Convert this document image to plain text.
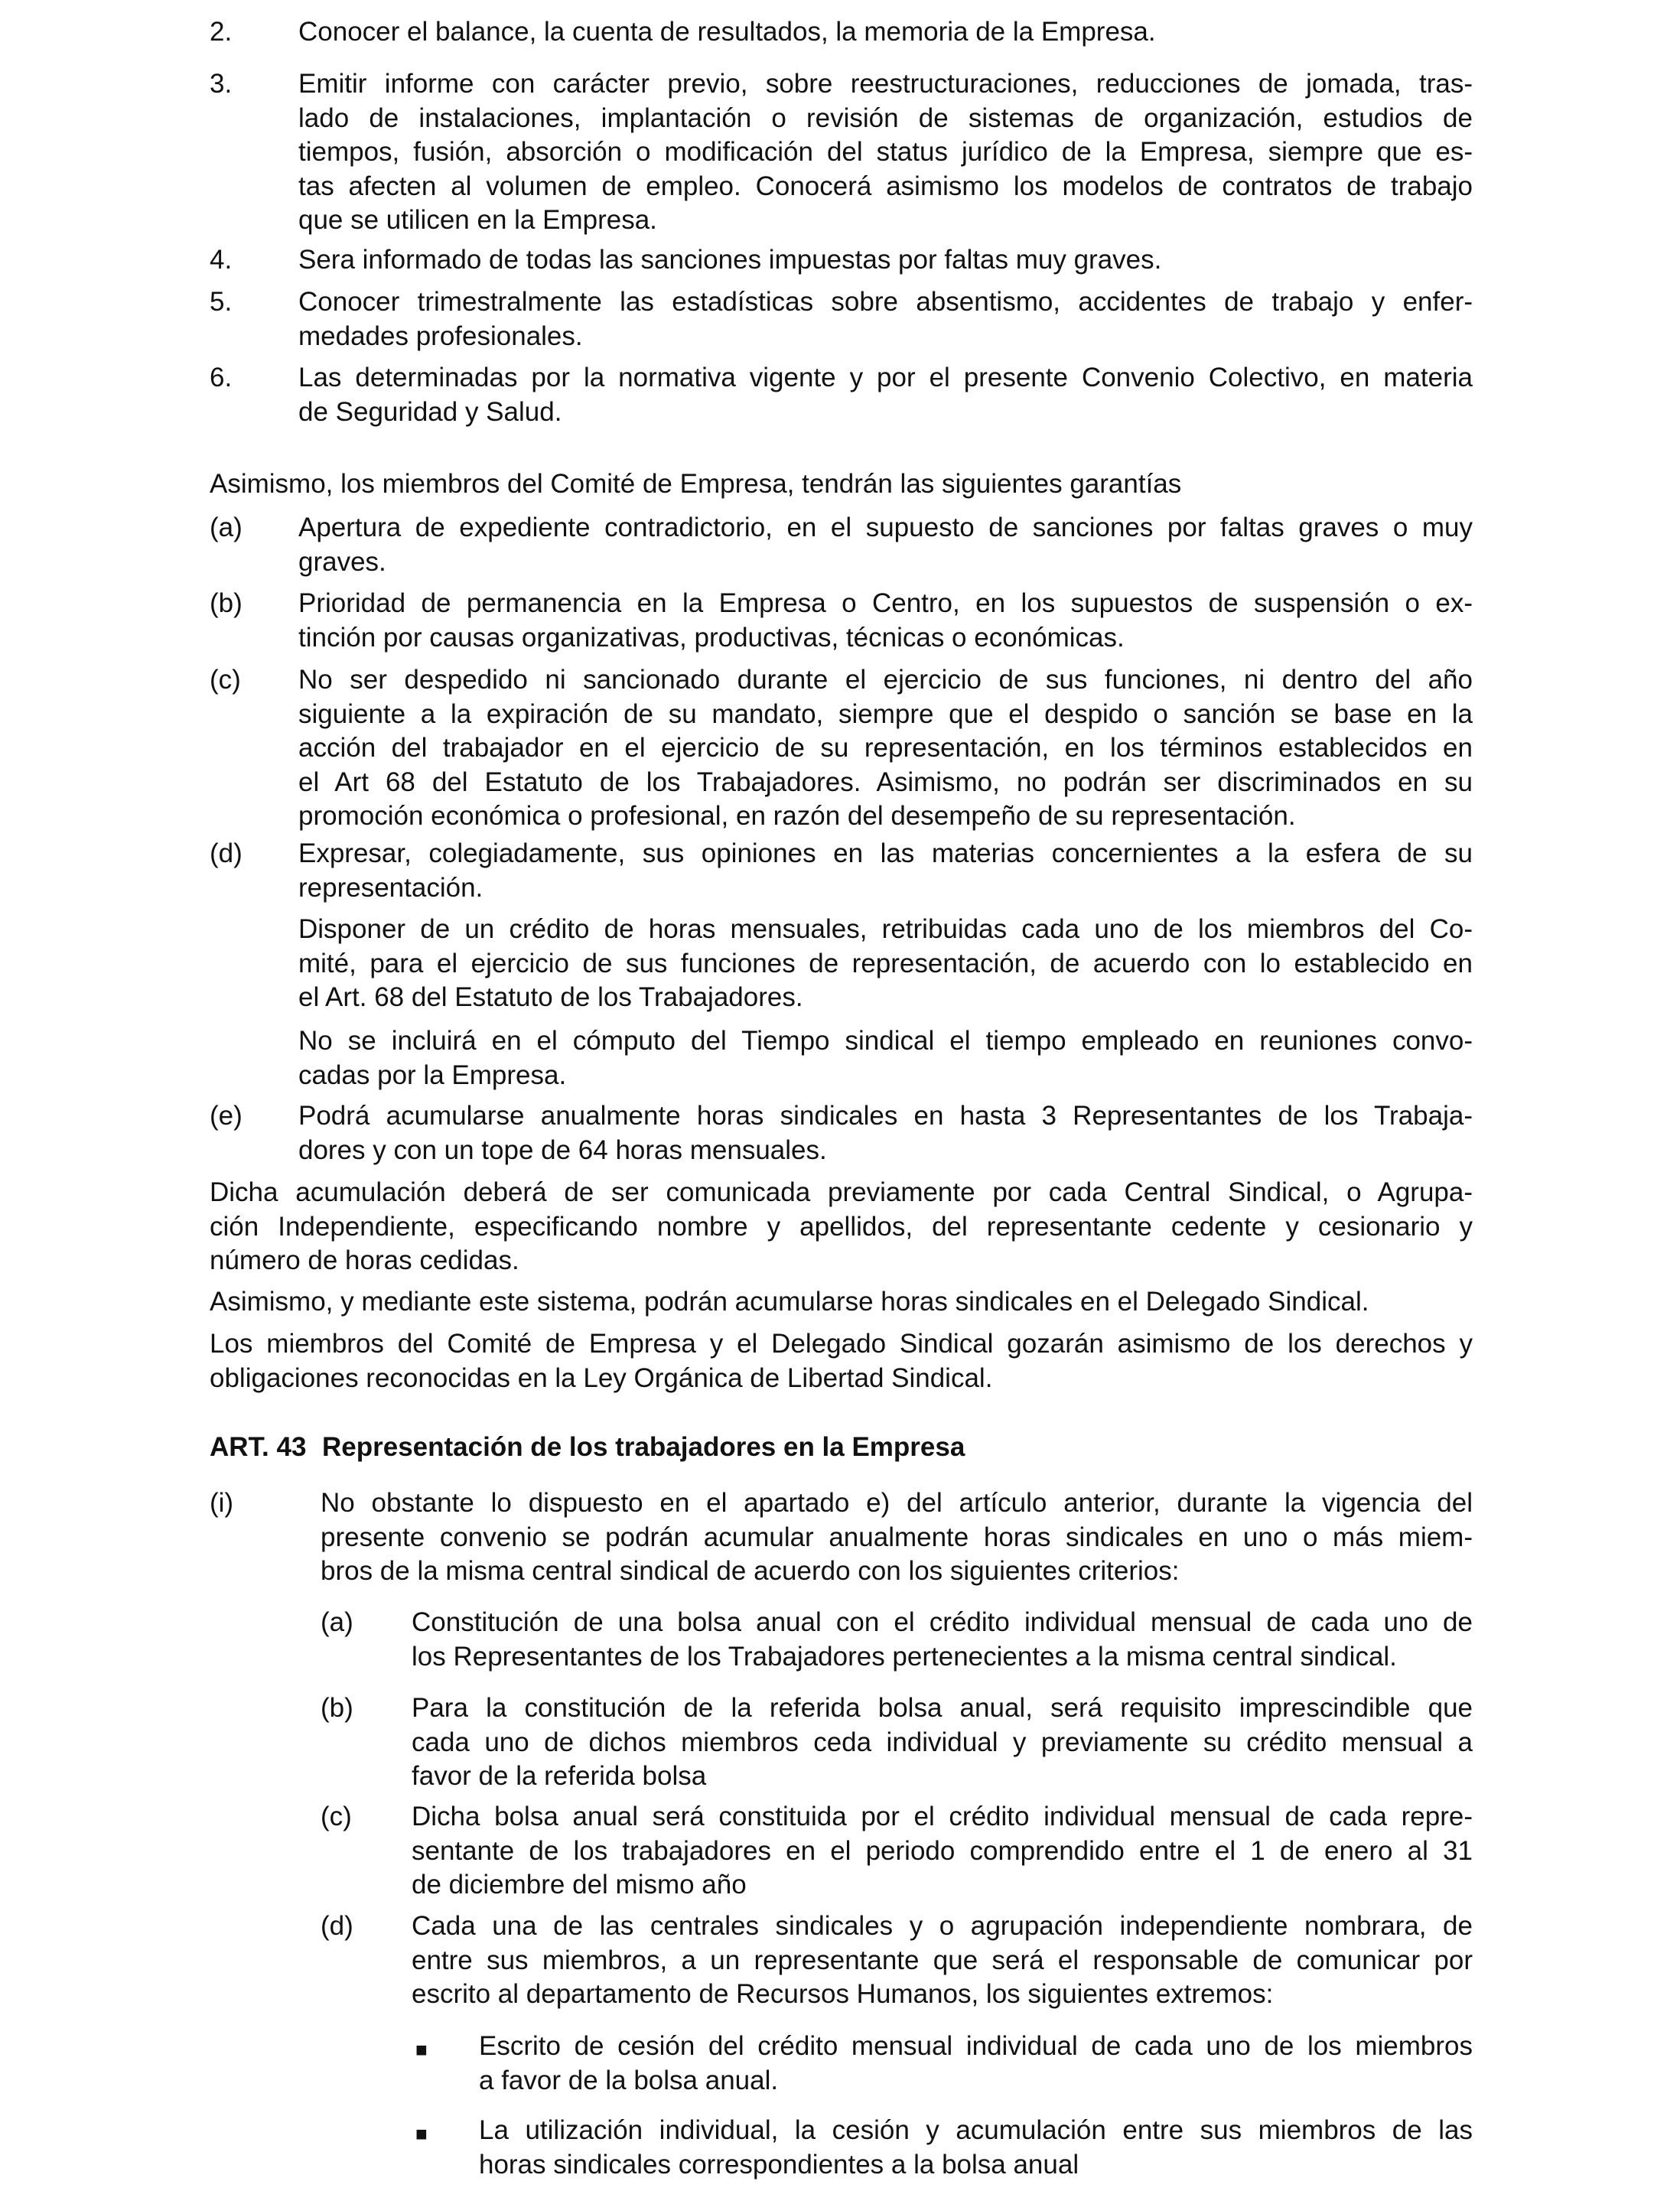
2. Conocer el balance, la cuenta de resultados, la memoria de la Empresa.
3. Emitir informe con carácter previo, sobre reestructuraciones, reducciones de jomada, tras-
lado de instalaciones, implantación o revisión de sistemas de organización, estudios de
tiempos, fusión, absorción o modificación del status jurídico de la Empresa, siempre que es-
tas afecten al volumen de empleo. Conocerá asimismo los modelos de contratos de trabajo
que se utilicen en la Empresa.
4. Sera informado de todas las sanciones impuestas por faltas muy graves.
5. Conocer trimestralmente las estadísticas sobre absentismo, accidentes de trabajo y enfer-
medades profesionales.
6. Las determinadas por la normativa vigente y por el presente Convenio Colectivo, en materia
de Seguridad y Salud.
Asimismo, los miembros del Comité de Empresa, tendrán las siguientes garantías
(a) Apertura de expediente contradictorio, en el supuesto de sanciones por faltas graves o muy
graves.
(b) Prioridad de permanencia en la Empresa o Centro, en los supuestos de suspensión o ex-
tinción por causas organizativas, productivas, técnicas o económicas.
(c) No ser despedido ni sancionado durante el ejercicio de sus funciones, ni dentro del año
siguiente a la expiración de su mandato, siempre que el despido o sanción se base en la
acción del trabajador en el ejercicio de su representación, en los términos establecidos en
el Art 68 del Estatuto de los Trabajadores. Asimismo, no podrán ser discriminados en su
promoción económica o profesional, en razón del desempeño de su representación.
(d) Expresar, colegiadamente, sus opiniones en las materias concernientes a la esfera de su
representación.
Disponer de un crédito de horas mensuales, retribuidas cada uno de los miembros del Co-
mité, para el ejercicio de sus funciones de representación, de acuerdo con lo establecido en
el Art. 68 del Estatuto de los Trabajadores.
No se incluirá en el cómputo del Tiempo sindical el tiempo empleado en reuniones convo-
cadas por la Empresa.
(e) Podrá acumularse anualmente horas sindicales en hasta 3 Representantes de los Trabaja-
dores y con un tope de 64 horas mensuales.
Dicha acumulación deberá de ser comunicada previamente por cada Central Sindical, o Agrupa-
ción Independiente, especificando nombre y apellidos, del representante cedente y cesionario y
número de horas cedidas.
Asimismo, y mediante este sistema, podrán acumularse horas sindicales en el Delegado Sindical.
Los miembros del Comité de Empresa y el Delegado Sindical gozarán asimismo de los derechos y
obligaciones reconocidas en la Ley Orgánica de Libertad Sindical.
ART. 43 Representación de los trabajadores en la Empresa
(i)	No obstante lo dispuesto en el apartado e) del artículo anterior, durante la vigencia del
presente convenio se podrán acumular anualmente horas sindicales en uno o más miem-
bros de la misma central sindical de acuerdo con los siguientes criterios:
(a) Constitución de una bolsa anual con el crédito individual mensual de cada uno de
los Representantes de los Trabajadores pertenecientes a la misma central sindical.
(b) Para la constitución de la referida bolsa anual, será requisito imprescindible que
cada uno de dichos miembros ceda individual y previamente su crédito mensual a
favor de la referida bolsa
(c) Dicha bolsa anual será constituida por el crédito individual mensual de cada repre-
sentante de los trabajadores en el periodo comprendido entre el 1 de enero al 31
de diciembre del mismo año
(d) Cada una de las centrales sindicales y o agrupación independiente nombrara, de
entre sus miembros, a un representante que será el responsable de comunicar por
escrito al departamento de Recursos Humanos, los siguientes extremos:
■ Escrito de cesión del crédito mensual individual de cada uno de los miembros
a favor de la bolsa anual.
■ La utilización individual, la cesión y acumulación entre sus miembros de las
horas sindicales correspondientes a la bolsa anual
